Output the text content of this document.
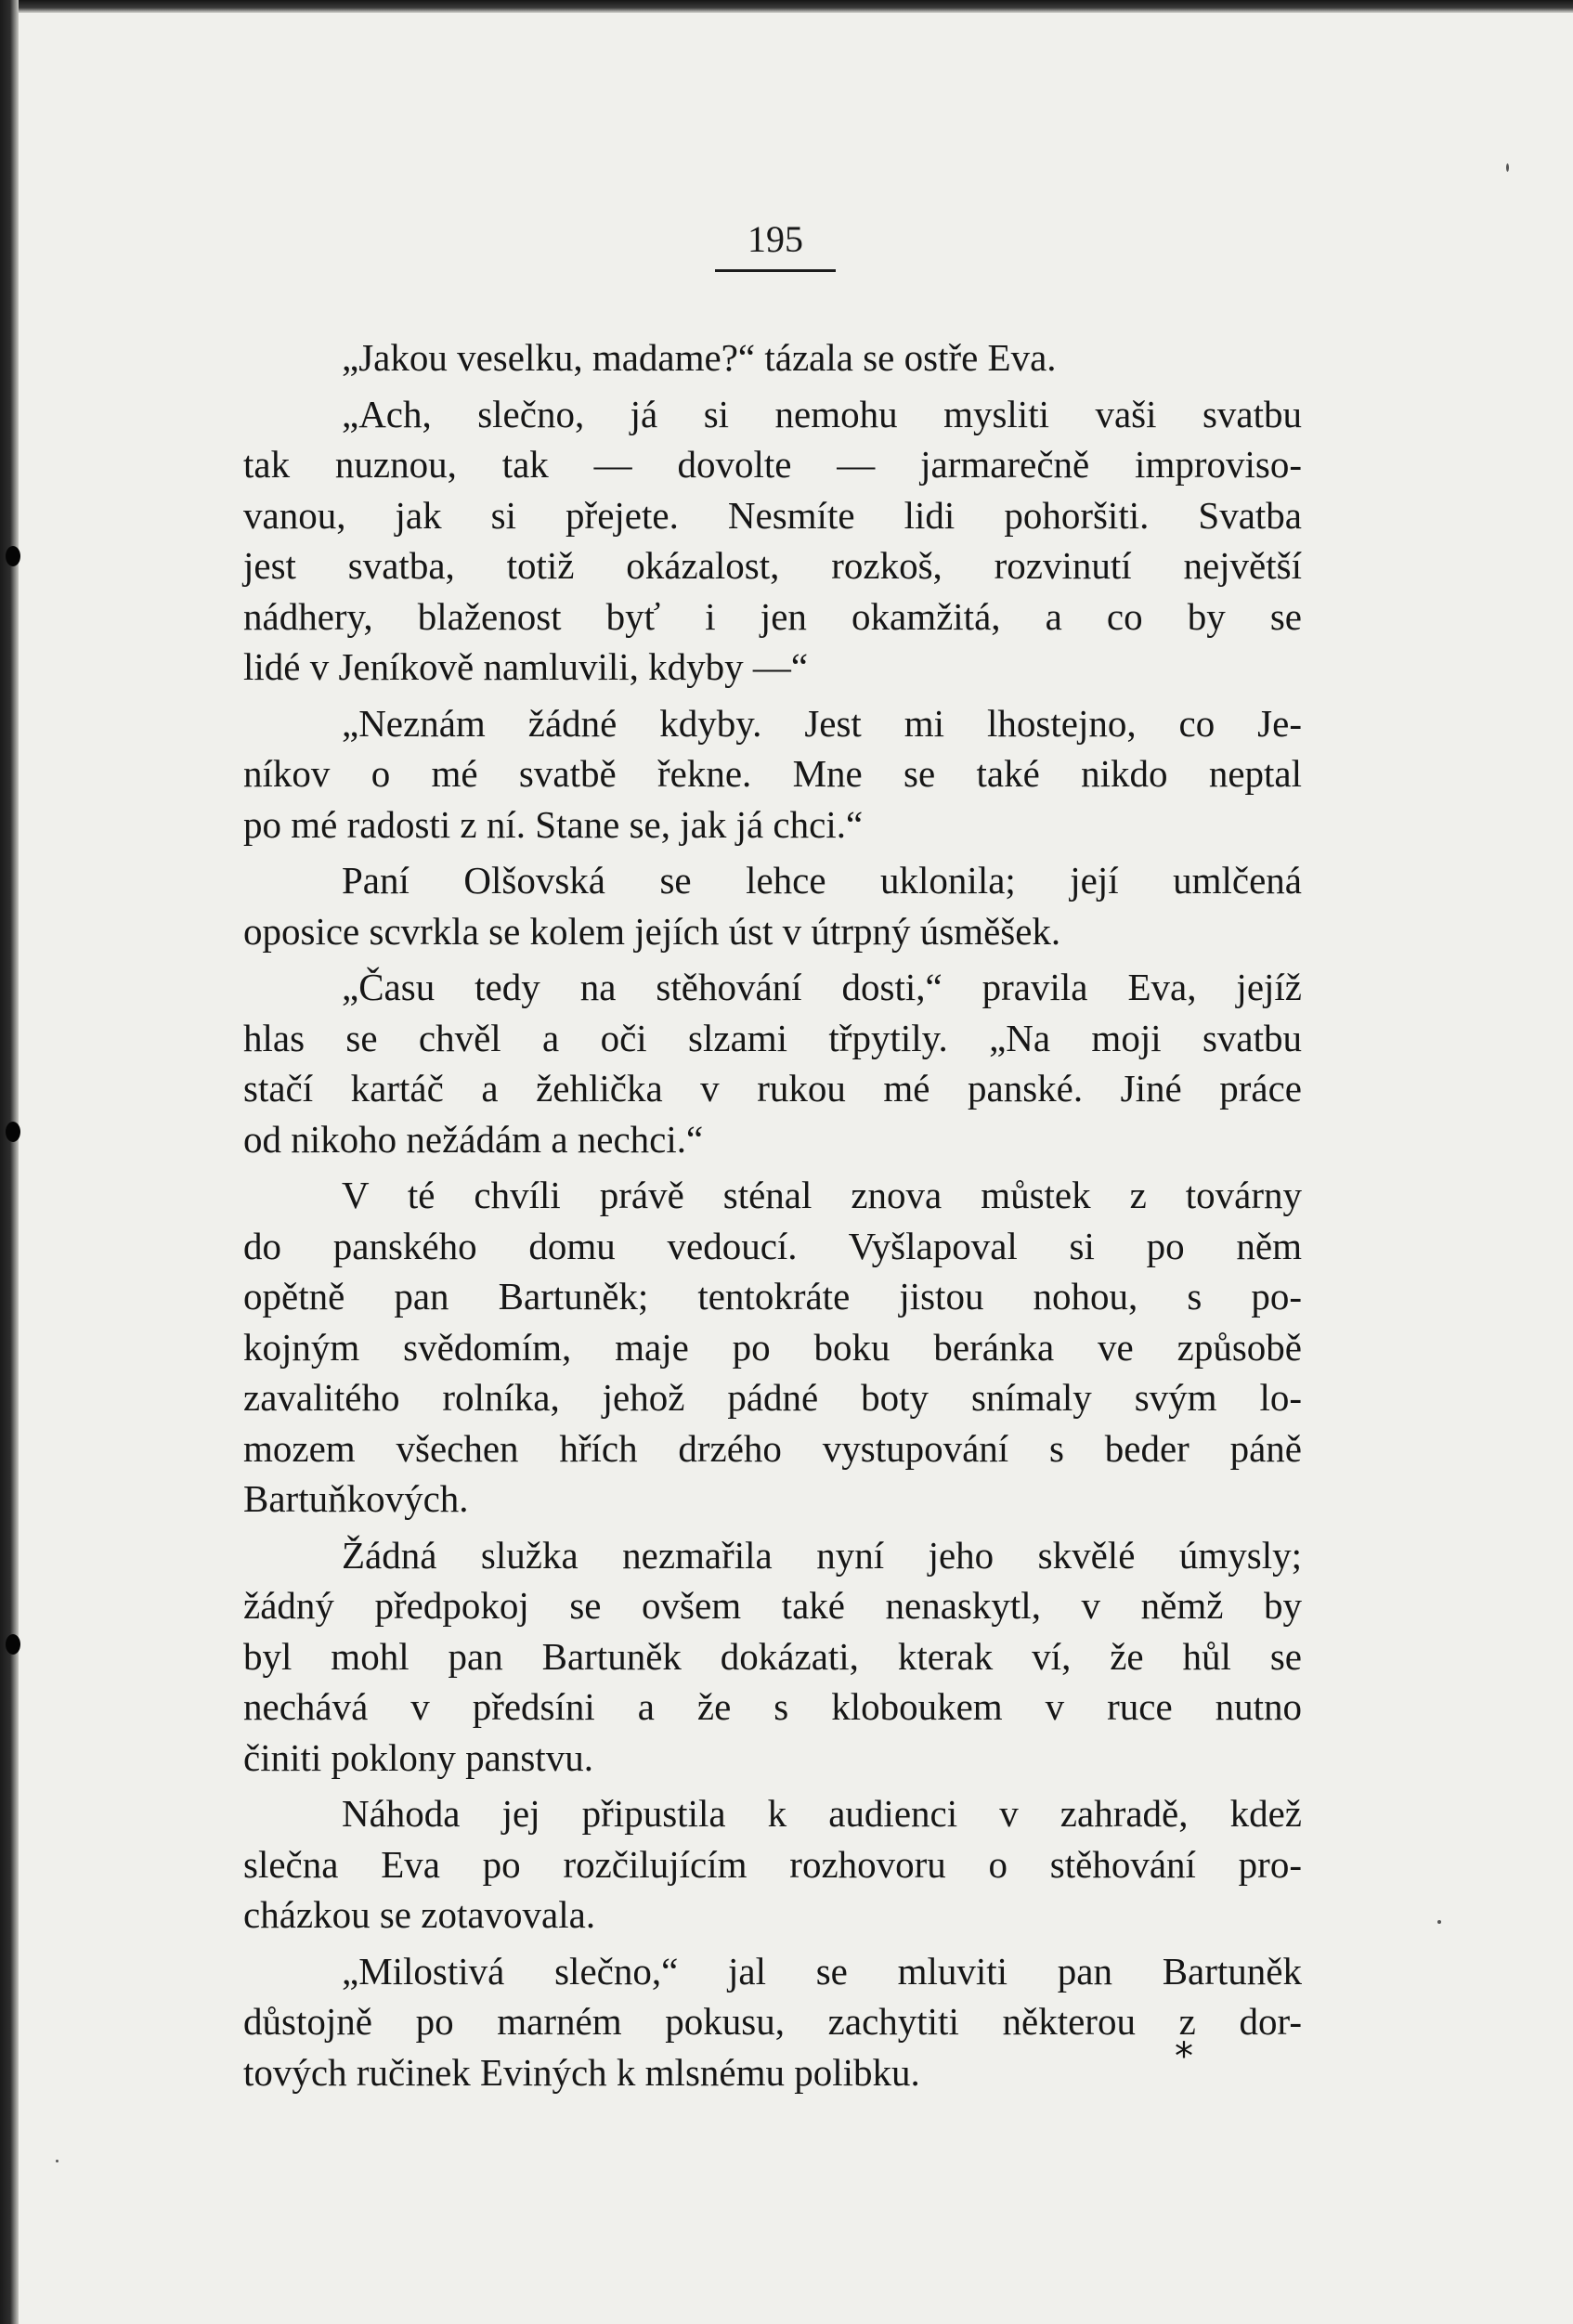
195
„Jakou veselku, madame?“ tázala se ostře Eva.
„Ach, slečno, já si nemohu mysliti vaši svatbu
tak nuznou, tak — dovolte — jarmarečně improviso-
vanou, jak si přejete. Nesmíte lidi pohoršiti. Svatba
jest svatba, totiž okázalost, rozkoš, rozvinutí největší
nádhery, blaženost byť i jen okamžitá, a co by se
lidé v Jeníkově namluvili, kdyby —“
„Neznám žádné kdyby. Jest mi lhostejno, co Je-
níkov o mé svatbě řekne. Mne se také nikdo neptal
po mé radosti z ní. Stane se, jak já chci.“
Paní Olšovská se lehce uklonila; její umlčená
oposice scvrkla se kolem jejích úst v útrpný úsměšek.
„Času tedy na stěhování dosti,“ pravila Eva, jejíž
hlas se chvěl a oči slzami třpytily. „Na moji svatbu
stačí kartáč a žehlička v rukou mé panské. Jiné práce
od nikoho nežádám a nechci.“
V té chvíli právě sténal znova můstek z továrny
do panského domu vedoucí. Vyšlapoval si po něm
opětně pan Bartuněk; tentokráte jistou nohou, s po-
kojným svědomím, maje po boku beránka ve způsobě
zavalitého rolníka, jehož pádné boty snímaly svým lo-
mozem všechen hřích drzého vystupování s beder páně
Bartuňkových.
Žádná služka nezmařila nyní jeho skvělé úmysly;
žádný předpokoj se ovšem také nenaskytl, v němž by
byl mohl pan Bartuněk dokázati, kterak ví, že hůl se
nechává v předsíni a že s kloboukem v ruce nutno
činiti poklony panstvu.
Náhoda jej připustila k audienci v zahradě, kdež
slečna Eva po rozčilujícím rozhovoru o stěhování pro-
cházkou se zotavovala.
„Milostivá slečno,“ jal se mluviti pan Bartuněk
důstojně po marném pokusu, zachytiti některou z dor-
tových ručinek Eviných k mlsnému polibku.	*
